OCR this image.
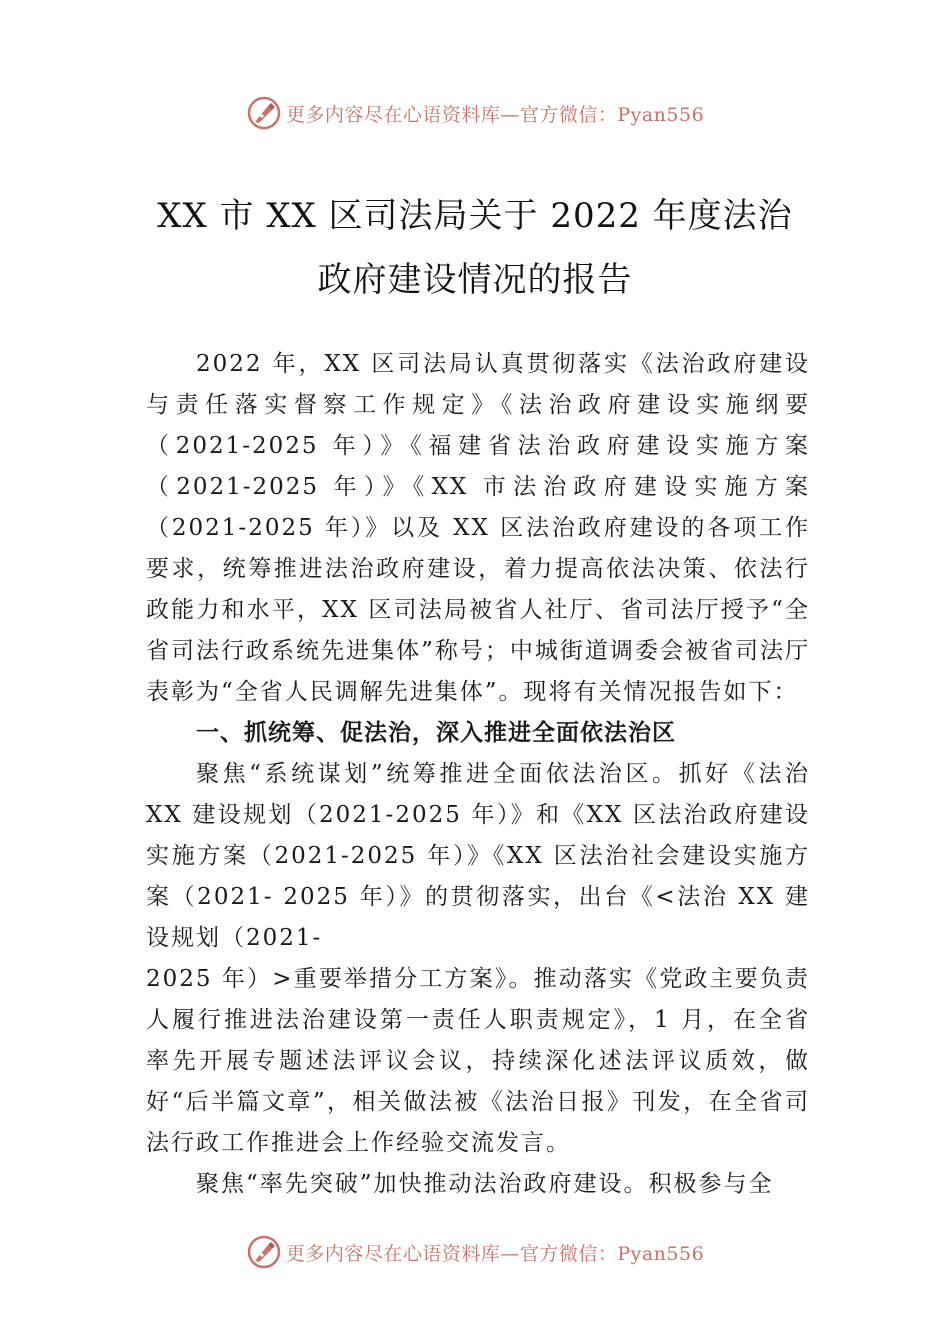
更多内容尽在心语资料库—官方微信：Pyan556
XX 市 XX 区司法局关于 2022 年度法治
政府建设情况的报告

2022 年，XX 区司法局认真贯彻落实《法治政府建设与责任落实督察工作规定》《法治政府建设实施纲要（2021-2025 年）》《福建省法治政府建设实施方案（2021-2025 年）》《XX 市法治政府建设实施方案（2021-2025 年）》以及 XX 区法治政府建设的各项工作要求，统筹推进法治政府建设，着力提高依法决策、依法行政能力和水平，XX 区司法局被省人社厅、省司法厅授予“全省司法行政系统先进集体”称号；中城街道调委会被省司法厅表彰为“全省人民调解先进集体”。现将有关情况报告如下：

一、抓统筹、促法治，深入推进全面依法治区

聚焦“系统谋划”统筹推进全面依法治区。抓好《法治 XX 建设规划（2021-2025 年）》和《XX 区法治政府建设实施方案（2021-2025 年）》《XX 区法治社会建设实施方案（2021- 2025 年）》的贯彻落实，出台《<法治 XX 建设规划（2021-

2025 年）>重要举措分工方案》。推动落实《党政主要负责人履行推进法治建设第一责任人职责规定》，1 月，在全省率先开展专题述法评议会议，持续深化述法评议质效，做好“后半篇文章”，相关做法被《法治日报》刊发，在全省司法行政工作推进会上作经验交流发言。

聚焦“率先突破”加快推动法治政府建设。积极参与全

更多内容尽在心语资料库—官方微信：Pyan556
